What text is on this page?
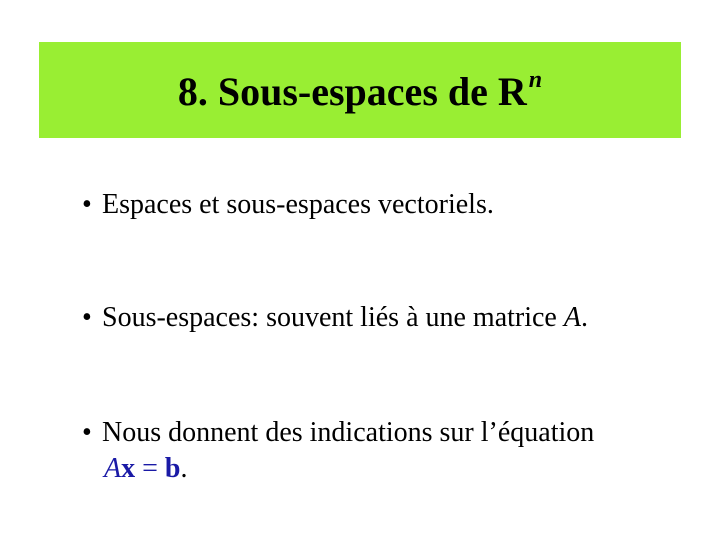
8. Sous-espaces de $R^n$
• Espaces et sous-espaces vectoriels.
• Sous-espaces: souvent liés à une matrice A.
• Nous donnent des indications sur l’équation
Ax = b.
